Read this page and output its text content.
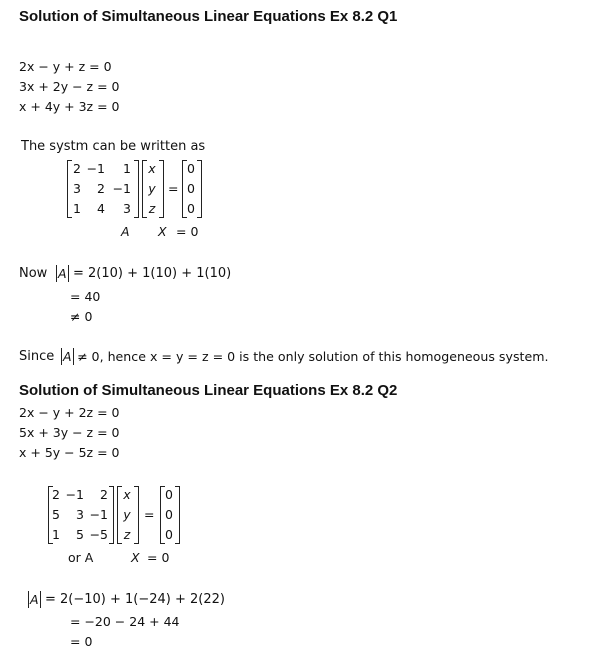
Solution of Simultaneous Linear Equations Ex 8.2 Q1
2x − y + z = 0
3x + 2y − z = 0
x + 4y + 3z = 0
The systm can be written as
2 −1	1
3	2 −1
1	4	3
x
y
z
=
0
0
0
A X = 0
Now A = 2(10) + 1(10) + 1(10)
= 40
≠ 0
Since A ≠ 0, hence x = y = z = 0 is the only solution of this homogeneous system.
Solution of Simultaneous Linear Equations Ex 8.2 Q2
2x − y + 2z = 0
5x + 3y − z = 0
x + 5y − 5z = 0
2 −1	2
5	3 −1
1	5 −5
x
y
z
=
0
0
0
or A	X = 0
A = 2(−10) + 1(−24) + 2(22)
= −20 − 24 + 44
= 0
